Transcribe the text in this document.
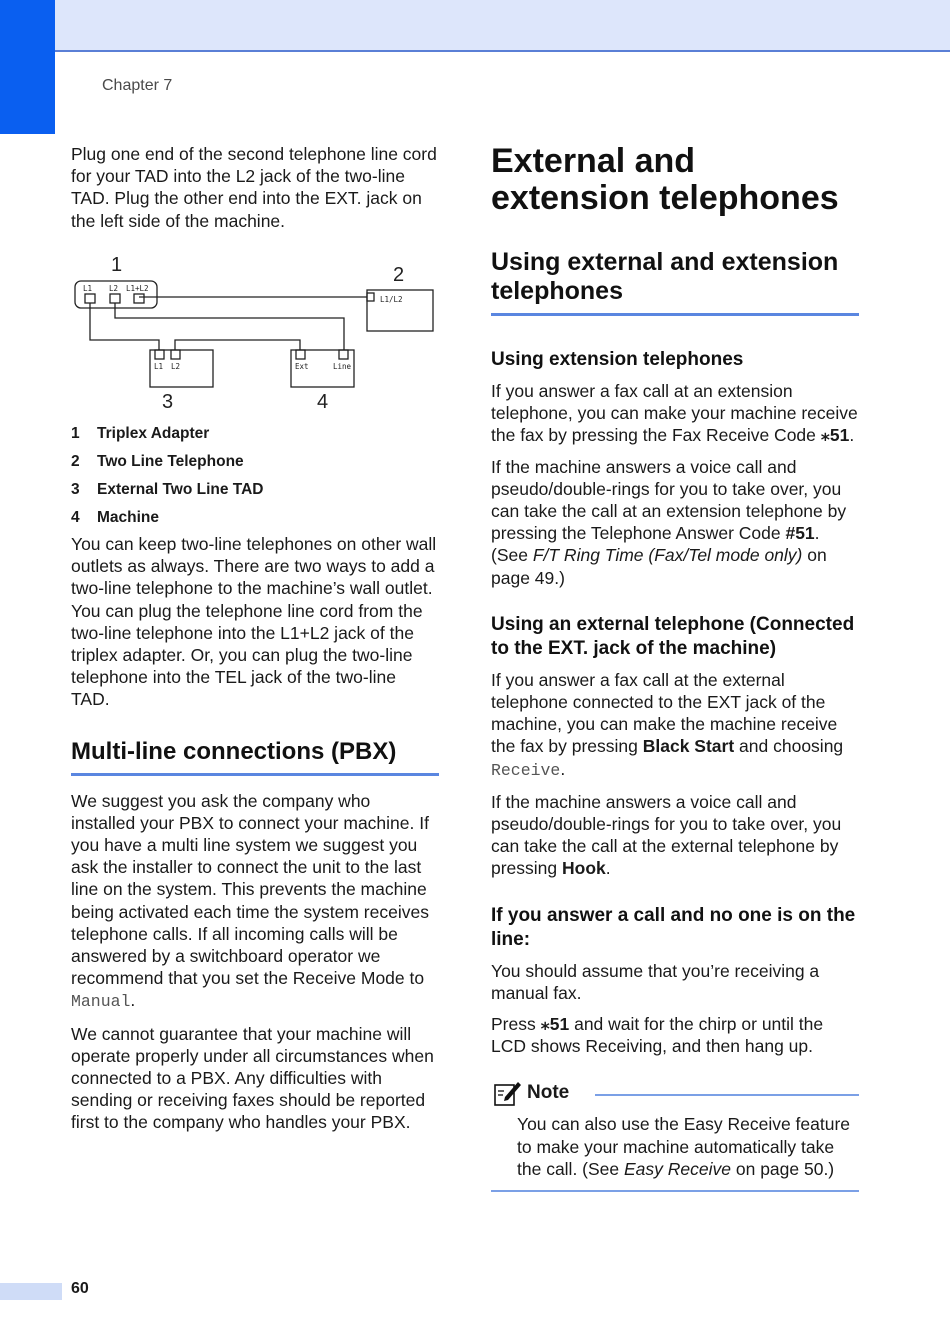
Chapter 7

Plug one end of the second telephone line cord for your TAD into the L2 jack of the two-line TAD. Plug the other end into the EXT. jack on the left side of the machine.

L1 L2 L1+L2
L1/L2
L1 L2	Ext	Line
1	2
3	4
1 Triplex Adapter
2 Two Line Telephone
3 External Two Line TAD
4 Machine

You can keep two-line telephones on other wall outlets as always. There are two ways to add a two-line telephone to the machine’s wall outlet. You can plug the telephone line cord from the two-line telephone into the L1+L2 jack of the triplex adapter. Or, you can plug the two-line telephone into the TEL jack of the two-line TAD.

Multi-line connections (PBX)

We suggest you ask the company who installed your PBX to connect your machine. If you have a multi line system we suggest you ask the installer to connect the unit to the last line on the system. This prevents the machine being activated each time the system receives telephone calls. If all incoming calls will be answered by a switchboard operator we recommend that you set the Receive Mode to Manual.

We cannot guarantee that your machine will operate properly under all circumstances when connected to a PBX. Any difficulties with sending or receiving faxes should be reported first to the company who handles your PBX.

External and extension telephones
Using external and extension telephones
Using extension telephones

If you answer a fax call at an extension telephone, you can make your machine receive the fax by pressing the Fax Receive Code ⁎51.

If the machine answers a voice call and pseudo/double-rings for you to take over, you can take the call at an extension telephone by pressing the Telephone Answer Code #51. (See F/T Ring Time (Fax/Tel mode only) on page 49.)

Using an external telephone (Connected to the EXT. jack of the machine)

If you answer a fax call at the external telephone connected to the EXT jack of the machine, you can make the machine receive the fax by pressing Black Start and choosing Receive.

If the machine answers a voice call and pseudo/double-rings for you to take over, you can take the call at the external telephone by pressing Hook.

If you answer a call and no one is on the line:

You should assume that you’re receiving a manual fax.

Press ⁎51 and wait for the chirp or until the LCD shows Receiving, and then hang up.

Note

You can also use the Easy Receive feature to make your machine automatically take the call. (See Easy Receive on page 50.)

60
